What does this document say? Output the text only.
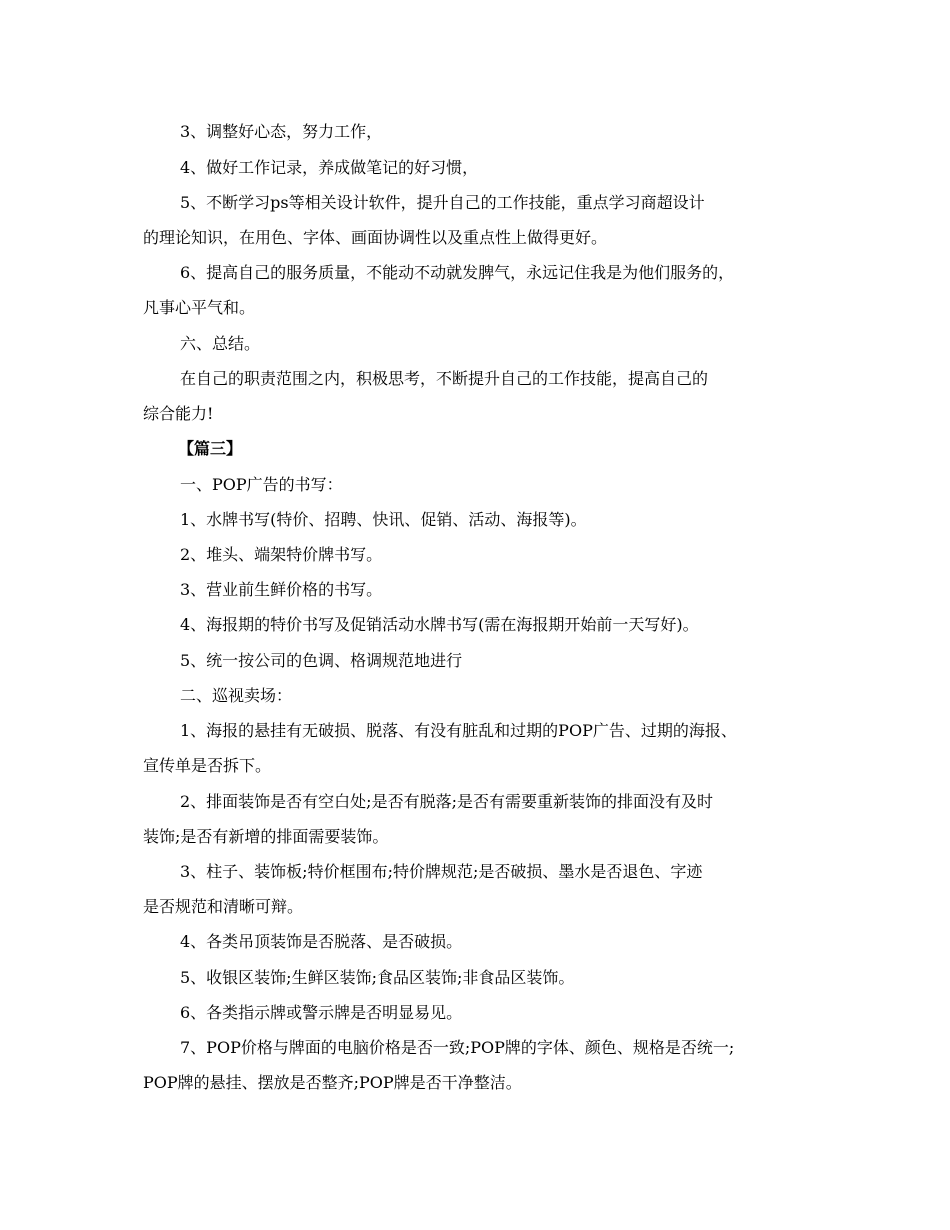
3、调整好心态，努力工作，

4、做好工作记录，养成做笔记的好习惯，

5、不断学习ps等相关设计软件，提升自己的工作技能，重点学习商超设计

的理论知识，在用色、字体、画面协调性以及重点性上做得更好。

6、提高自己的服务质量，不能动不动就发脾气，永远记住我是为他们服务的，

凡事心平气和。

六、总结。

在自己的职责范围之内，积极思考，不断提升自己的工作技能，提高自己的

综合能力!

【篇三】

一、POP广告的书写：

1、水牌书写(特价、招聘、快讯、促销、活动、海报等)。

2、堆头、端架特价牌书写。

3、营业前生鲜价格的书写。

4、海报期的特价书写及促销活动水牌书写(需在海报期开始前一天写好)。

5、统一按公司的色调、格调规范地进行

二、巡视卖场：

1、海报的悬挂有无破损、脱落、有没有脏乱和过期的POP广告、过期的海报、

宣传单是否拆下。

2、排面装饰是否有空白处;是否有脱落;是否有需要重新装饰的排面没有及时

装饰;是否有新增的排面需要装饰。

3、柱子、装饰板;特价框围布;特价牌规范;是否破损、墨水是否退色、字迹

是否规范和清晰可辩。

4、各类吊顶装饰是否脱落、是否破损。

5、收银区装饰;生鲜区装饰;食品区装饰;非食品区装饰。

6、各类指示牌或警示牌是否明显易见。

7、POP价格与牌面的电脑价格是否一致;POP牌的字体、颜色、规格是否统一;

POP牌的悬挂、摆放是否整齐;POP牌是否干净整洁。
